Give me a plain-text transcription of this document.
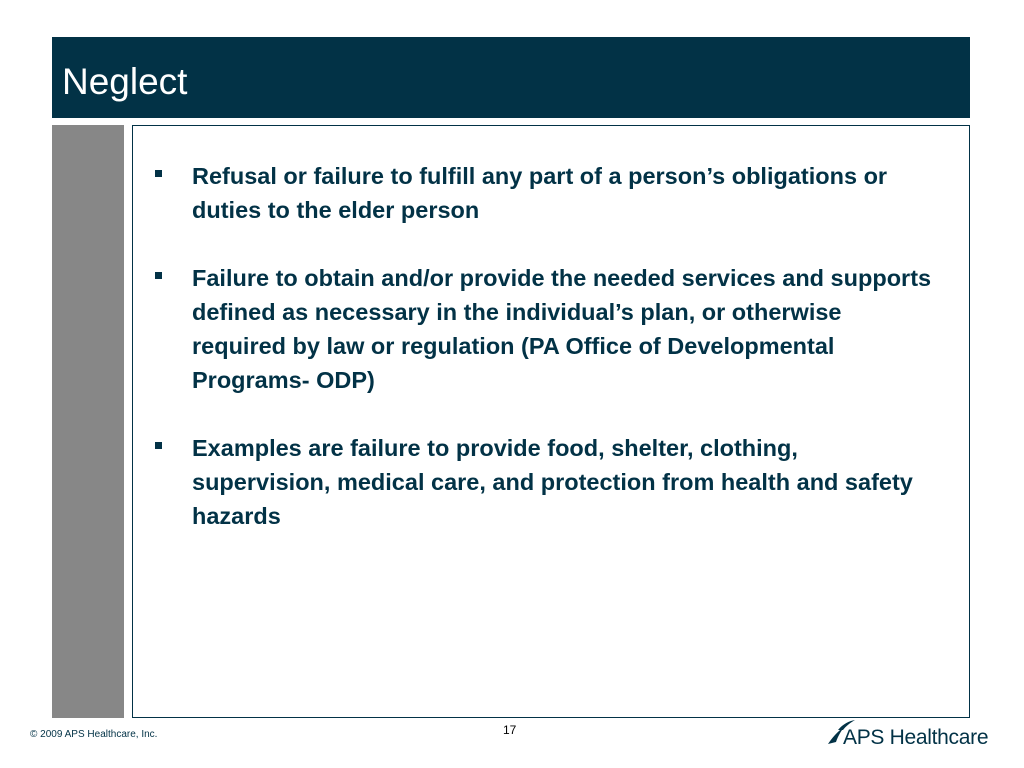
Neglect
Refusal or failure to fulfill any part of a person’s obligations or duties to the elder person
Failure to obtain and/or provide the needed services and supports defined as necessary in the individual’s plan, or otherwise required by law or regulation (PA Office of Developmental Programs- ODP)
Examples are failure to provide food, shelter, clothing, supervision, medical care, and protection from health and safety hazards
© 2009 APS Healthcare, Inc.	17	APS Healthcare
